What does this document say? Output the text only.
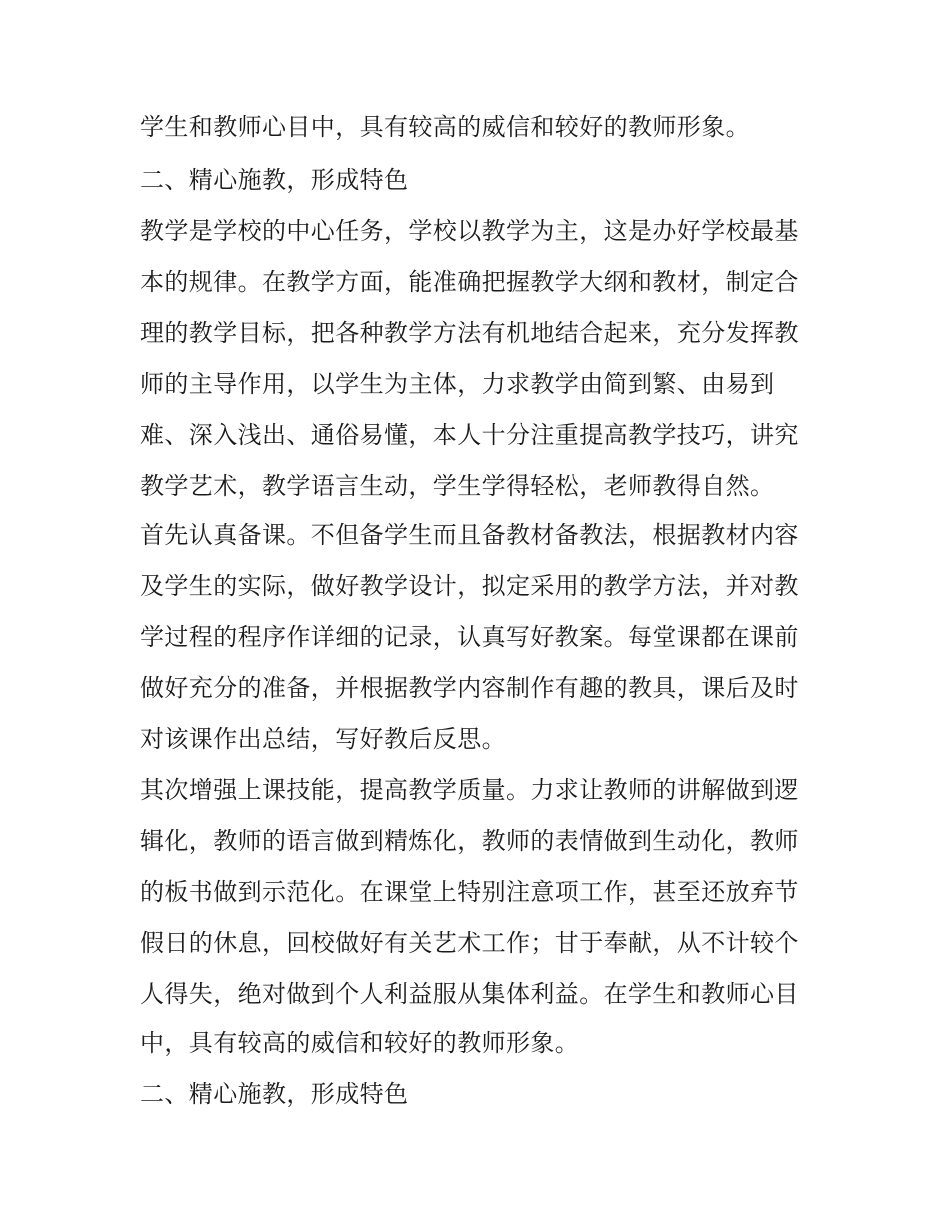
学生和教师心目中，具有较高的威信和较好的教师形象。
二、精心施教，形成特色
教学是学校的中心任务，学校以教学为主，这是办好学校最基
本的规律。在教学方面，能准确把握教学大纲和教材，制定合
理的教学目标，把各种教学方法有机地结合起来，充分发挥教
师的主导作用，以学生为主体，力求教学由简到繁、由易到
难、深入浅出、通俗易懂，本人十分注重提高教学技巧，讲究
教学艺术，教学语言生动，学生学得轻松，老师教得自然。
首先认真备课。不但备学生而且备教材备教法，根据教材内容
及学生的实际，做好教学设计，拟定采用的教学方法，并对教
学过程的程序作详细的记录，认真写好教案。每堂课都在课前
做好充分的准备，并根据教学内容制作有趣的教具，课后及时
对该课作出总结，写好教后反思。
其次增强上课技能，提高教学质量。力求让教师的讲解做到逻
辑化，教师的语言做到精炼化，教师的表情做到生动化，教师
的板书做到示范化。在课堂上特别注意项工作，甚至还放弃节
假日的休息，回校做好有关艺术工作；甘于奉献，从不计较个
人得失，绝对做到个人利益服从集体利益。在学生和教师心目
中，具有较高的威信和较好的教师形象。
二、精心施教，形成特色
